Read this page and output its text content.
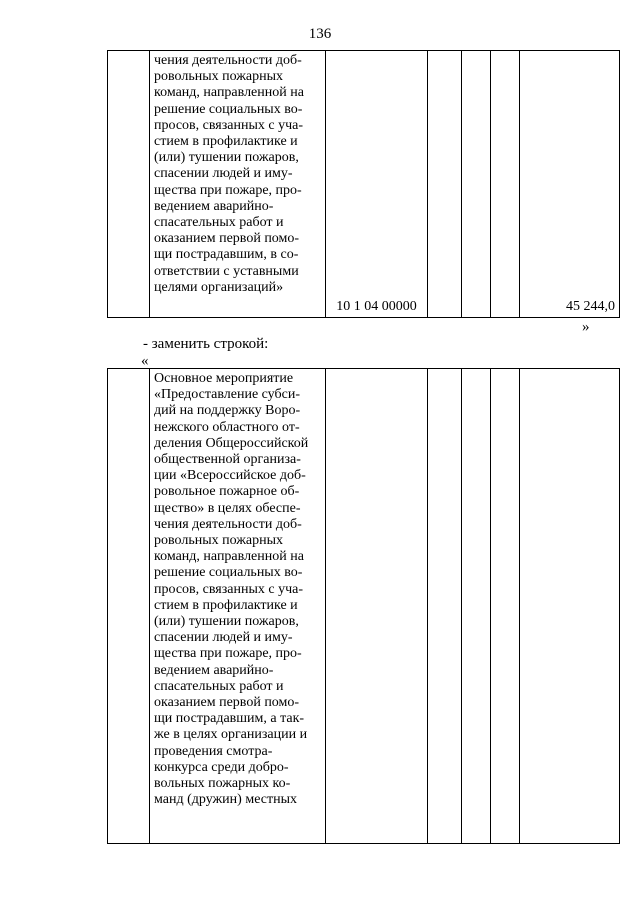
136
	чения деятельности доб-
ровольных пожарных
команд, направленной на
решение социальных во-
просов, связанных с уча-
стием в профилактике и
(или) тушении пожаров,
спасении людей и иму-
щества при пожаре, про-
ведением аварийно-
спасательных работ и
оказанием первой помо-
щи пострадавшим, в со-
ответствии с уставными
целями организаций»	10 1 04 00000				45 244,0
»
- заменить строкой:
«
	Основное мероприятие
«Предоставление субси-
дий на поддержку Воро-
нежского областного от-
деления Общероссийской
общественной организа-
ции «Всероссийское доб-
ровольное пожарное об-
щество» в целях обеспе-
чения деятельности доб-
ровольных пожарных
команд, направленной на
решение социальных во-
просов, связанных с уча-
стием в профилактике и
(или) тушении пожаров,
спасении людей и иму-
щества при пожаре, про-
ведением аварийно-
спасательных работ и
оказанием первой помо-
щи пострадавшим, а так-
же в целях организации и
проведения смотра-
конкурса среди добро-
вольных пожарных ко-
манд (дружин) местных					
